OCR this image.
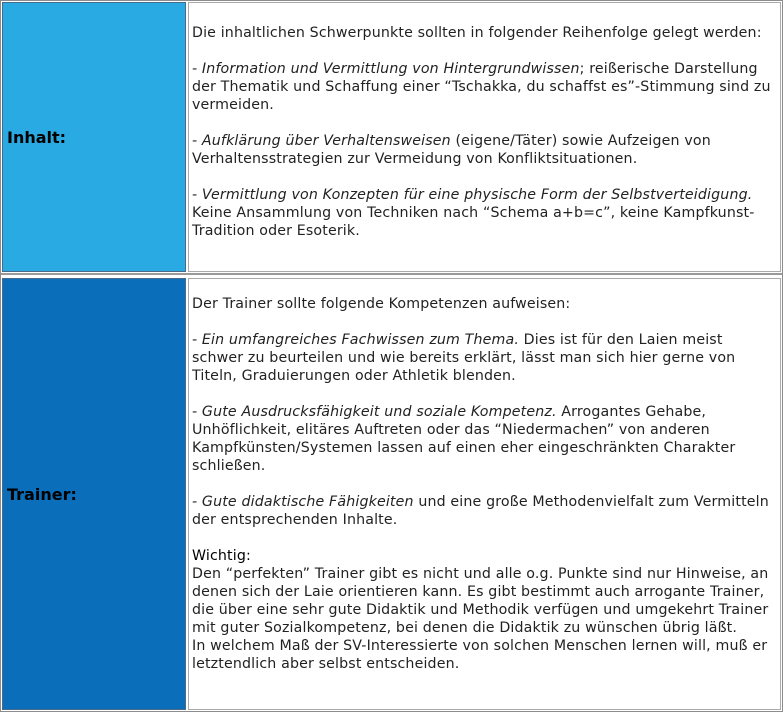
Inhalt:

Die inhaltlichen Schwerpunkte sollten in folgender Reihenfolge gelegt werden:

- Information und Vermittlung von Hintergrundwissen; reißerische Darstellung der Thematik und Schaffung einer “Tschakka, du schaffst es”-Stimmung sind zu vermeiden.

- Aufklärung über Verhaltensweisen (eigene/Täter) sowie Aufzeigen von Verhaltensstrategien zur Vermeidung von Konfliktsituationen.

- Vermittlung von Konzepten für eine physische Form der Selbstverteidigung. Keine Ansammlung von Techniken nach “Schema a+b=c”, keine Kampfkunst-Tradition oder Esoterik.

Trainer:

Der Trainer sollte folgende Kompetenzen aufweisen:

- Ein umfangreiches Fachwissen zum Thema. Dies ist für den Laien meist schwer zu beurteilen und wie bereits erklärt, lässt man sich hier gerne von Titeln, Graduierungen oder Athletik blenden.

- Gute Ausdrucksfähigkeit und soziale Kompetenz. Arrogantes Gehabe, Unhöflichkeit, elitäres Auftreten oder das “Niedermachen” von anderen Kampfkünsten/Systemen lassen auf einen eher eingeschränkten Charakter schließen.

- Gute didaktische Fähigkeiten und eine große Methodenvielfalt zum Vermitteln der entsprechenden Inhalte.

Wichtig:
Den “perfekten” Trainer gibt es nicht und alle o.g. Punkte sind nur Hinweise, an denen sich der Laie orientieren kann. Es gibt bestimmt auch arrogante Trainer, die über eine sehr gute Didaktik und Methodik verfügen und umgekehrt Trainer mit guter Sozialkompetenz, bei denen die Didaktik zu wünschen übrig läßt.
In welchem Maß der SV-Interessierte von solchen Menschen lernen will, muß er letztendlich aber selbst entscheiden.
